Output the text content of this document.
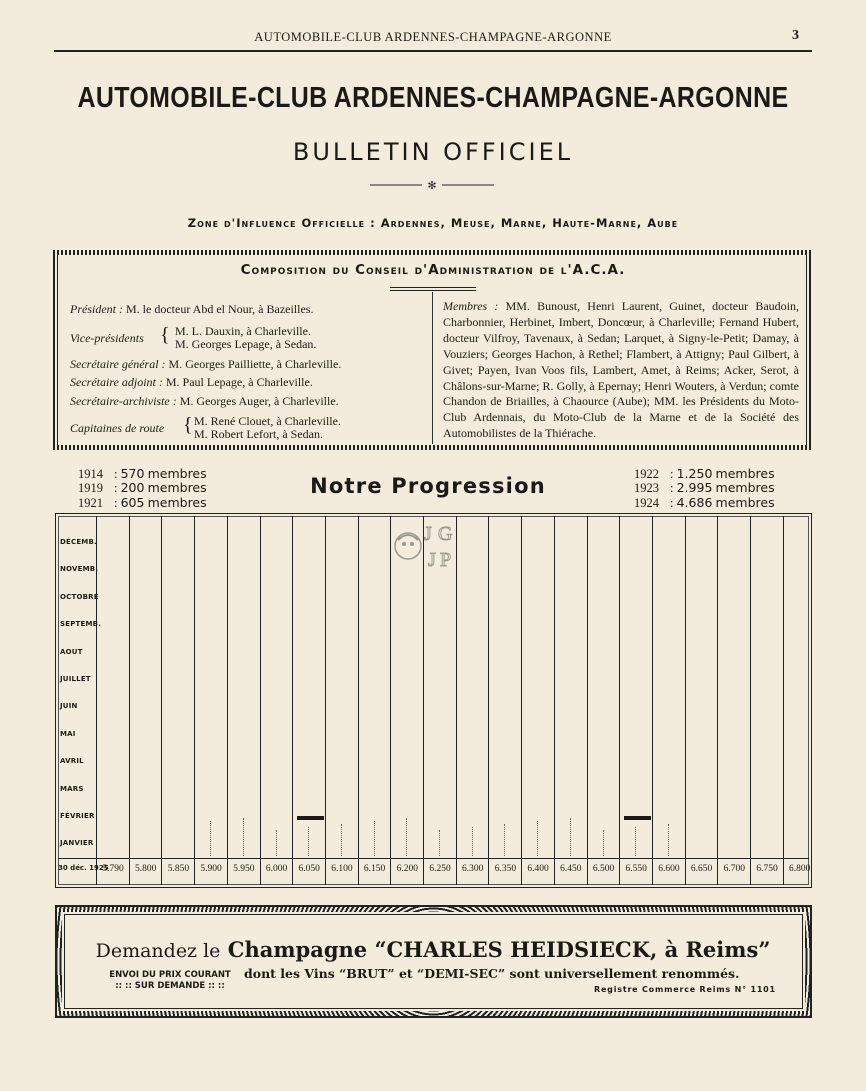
AUTOMOBILE-CLUB ARDENNES-CHAMPAGNE-ARGONNE	3
AUTOMOBILE-CLUB ARDENNES-CHAMPAGNE-ARGONNE
BULLETIN OFFICIEL
✻
Zone d'Influence Officielle : Ardennes, Meuse, Marne, Haute-Marne, Aube
Composition du Conseil d'Administration de l'A.C.A.
Président : M. le docteur Abd el Nour, à Bazeilles.
Vice-présidents { M. L. Dauxin, à Charleville.
M. Georges Lepage, à Sedan.
Secrétaire général : M. Georges Pailliette, à Charleville.
Secrétaire adjoint : M. Paul Lepage, à Charleville.
Secrétaire-archiviste : M. Georges Auger, à Charleville.
Capitaines de route { M. René Clouet, à Charleville.
M. Robert Lefort, à Sedan.
Membres : MM. Bunoust, Henri Laurent, Guinet, docteur Baudoin, Charbonnier, Herbinet, Imbert, Doncœur, à Charleville; Fernand Hubert, docteur Vilfroy, Tavenaux, à Sedan; Larquet, à Signy-le-Petit; Damay, à Vouziers; Georges Hachon, à Rethel; Flambert, à Attigny; Paul Gilbert, à Givet; Payen, Ivan Voos fils, Lambert, Amet, à Reims; Acker, Serot, à Châlons-sur-Marne; R. Golly, à Epernay; Henri Wouters, à Verdun; comte Chandon de Briailles, à Chaource (Aube); MM. les Présidents du Moto-Club Ardennais, du Moto-Club de la Marne et de la Société des Automobilistes de la Thiérache.
1914 : 570 membres
1919 : 200 membres
1921 : 605 membres
Notre Progression	1922 : 1.250 membres
1923 : 2.995 membres
1924 : 4.686 membres
DÉCEMB.
NOVEMB.
OCTOBRE
SEPTEMB.
AOUT
JUILLET
JUIN
MAI
AVRIL
MARS
FÉVRIER
JANVIER
5.790	5.800	5.850	5.900	5.950	6.000	6.050	6.100	6.150	6.200	6.250	6.300	6.350	6.400	6.450	6.500	6.550	6.600	6.650	6.700	6.750	6.800
30 déc. 1925
J G
J P
Demandez le Champagne “CHARLES HEIDSIECK, à Reims”
ENVOI DU PRIX COURANT
:: :: SUR DEMANDE :: ::
dont les Vins “BRUT” et “DEMI-SEC” sont universellement renommés.
Registre Commerce Reims N° 1101
